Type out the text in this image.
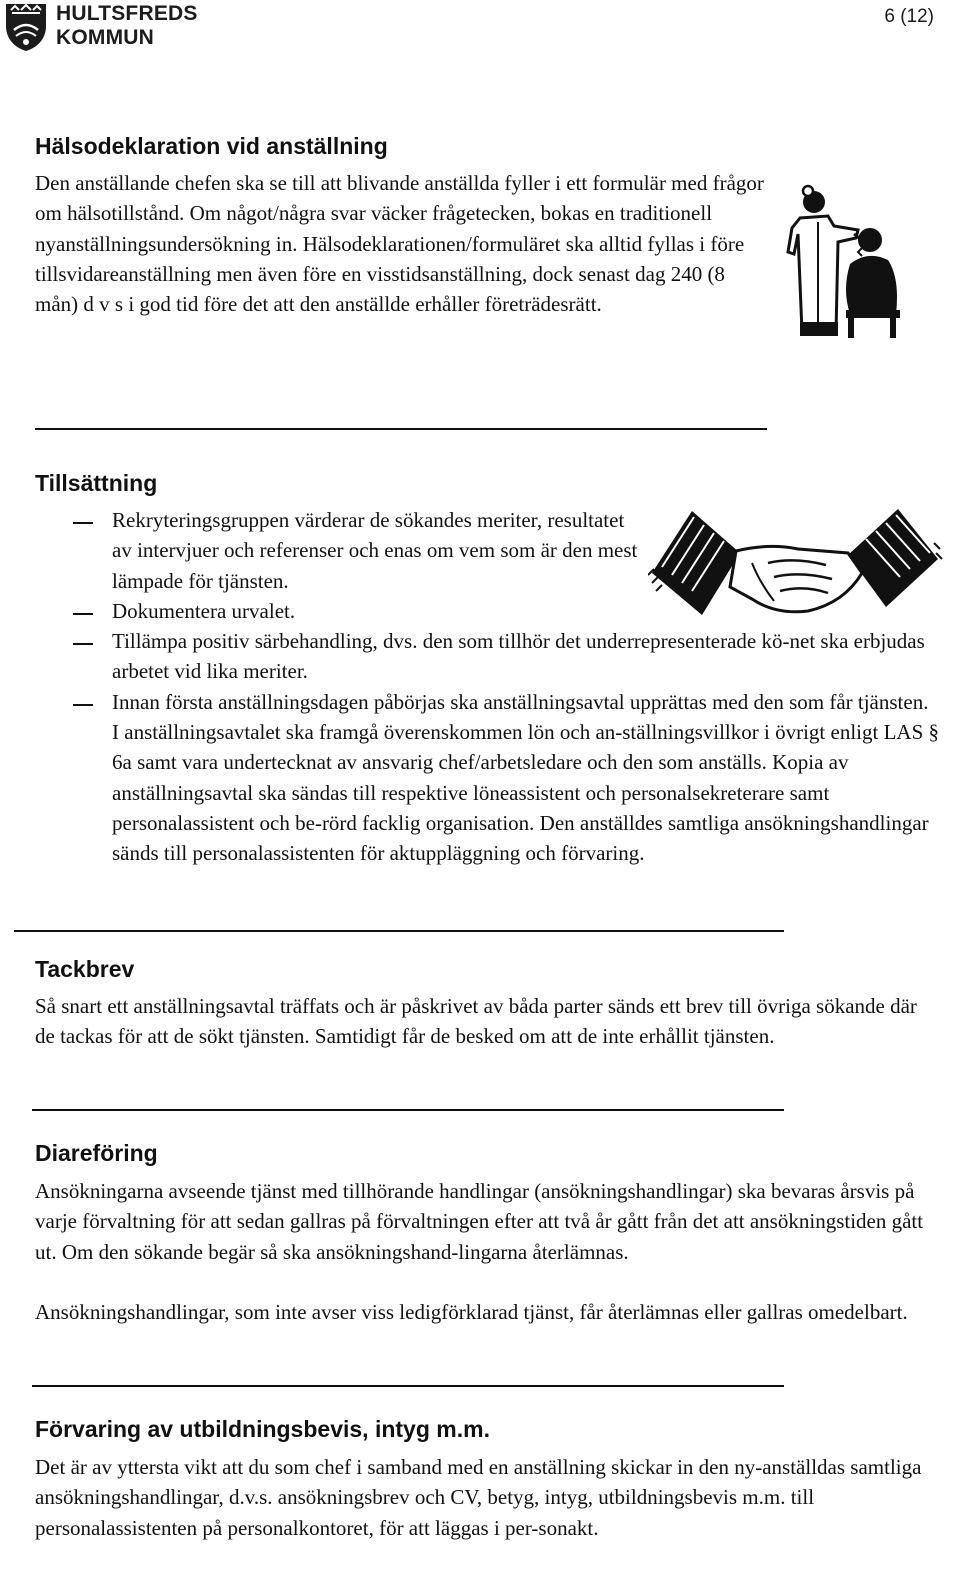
HULTSFREDS
KOMMUN
6 (12)
Hälsodeklaration vid anställning

Den anställande chefen ska se till att blivande anställda fyller i ett formulär med frågor om hälsotillstånd. Om något/några svar väcker frågetecken, bokas en traditionell nyanställningsundersökning in. Hälsodeklarationen/formuläret ska alltid fyllas i före tillsvidareanställning men även före en visstidsanställning, dock senast dag 240 (8 mån) d v s i god tid före det att den anställde erhåller företrädesrätt.

Tillsättning
Rekryteringsgruppen värderar de sökandes meriter, resultatet av intervjuer och referenser och enas om vem som är den mest lämpade för tjänsten.
Dokumentera urvalet.
Tillämpa positiv särbehandling, dvs. den som tillhör det underrepresenterade kö-net ska erbjudas arbetet vid lika meriter.
Innan första anställningsdagen påbörjas ska anställningsavtal upprättas med den som får tjänsten. I anställningsavtalet ska framgå överenskommen lön och an-ställningsvillkor i övrigt enligt LAS § 6a samt vara undertecknat av ansvarig chef/arbetsledare och den som anställs. Kopia av anställningsavtal ska sändas till respektive löneassistent och personalsekreterare samt personalassistent och be-rörd facklig organisation. Den anställdes samtliga ansökningshandlingar sänds till personalassistenten för aktuppläggning och förvaring.
Tackbrev

Så snart ett anställningsavtal träffats och är påskrivet av båda parter sänds ett brev till övriga sökande där de tackas för att de sökt tjänsten. Samtidigt får de besked om att de inte erhållit tjänsten.

Diareföring

Ansökningarna avseende tjänst med tillhörande handlingar (ansökningshandlingar) ska bevaras årsvis på varje förvaltning för att sedan gallras på förvaltningen efter att två år gått från det att ansökningstiden gått ut. Om den sökande begär så ska ansökningshand-lingarna återlämnas.

Ansökningshandlingar, som inte avser viss ledigförklarad tjänst, får återlämnas eller gallras omedelbart.

Förvaring av utbildningsbevis, intyg m.m.

Det är av yttersta vikt att du som chef i samband med en anställning skickar in den ny-anställdas samtliga ansökningshandlingar, d.v.s. ansökningsbrev och CV, betyg, intyg, utbildningsbevis m.m. till personalassistenten på personalkontoret, för att läggas i per-sonakt.
